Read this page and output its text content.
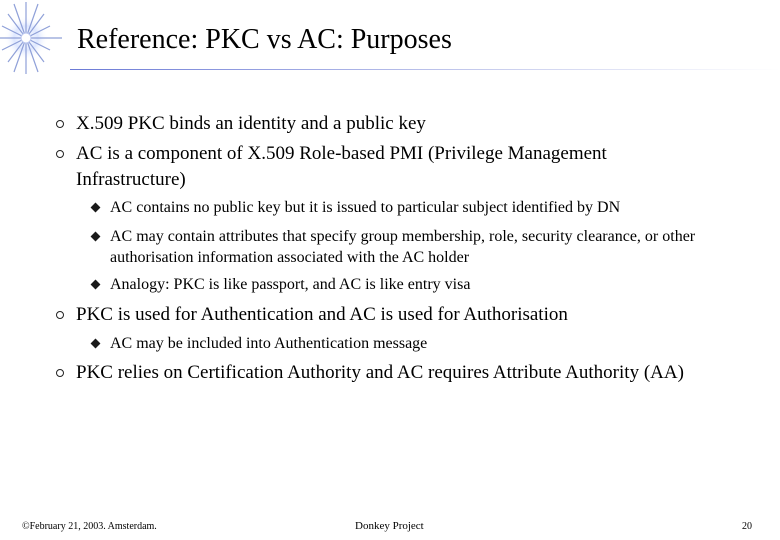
Reference: PKC vs AC: Purposes
X.509 PKC binds an identity and a public key
AC is a component of X.509 Role-based PMI (Privilege Management Infrastructure)
AC contains no public key but it is issued to particular subject identified by DN
AC may contain attributes that specify group membership, role, security clearance, or other authorisation information associated with the AC holder
Analogy: PKC is like passport, and AC is like entry visa
PKC is used for Authentication and AC is used for Authorisation
AC may be included into Authentication message
PKC relies on Certification Authority and AC requires Attribute Authority (AA)
©February 21, 2003. Amsterdam.	Donkey Project	20
